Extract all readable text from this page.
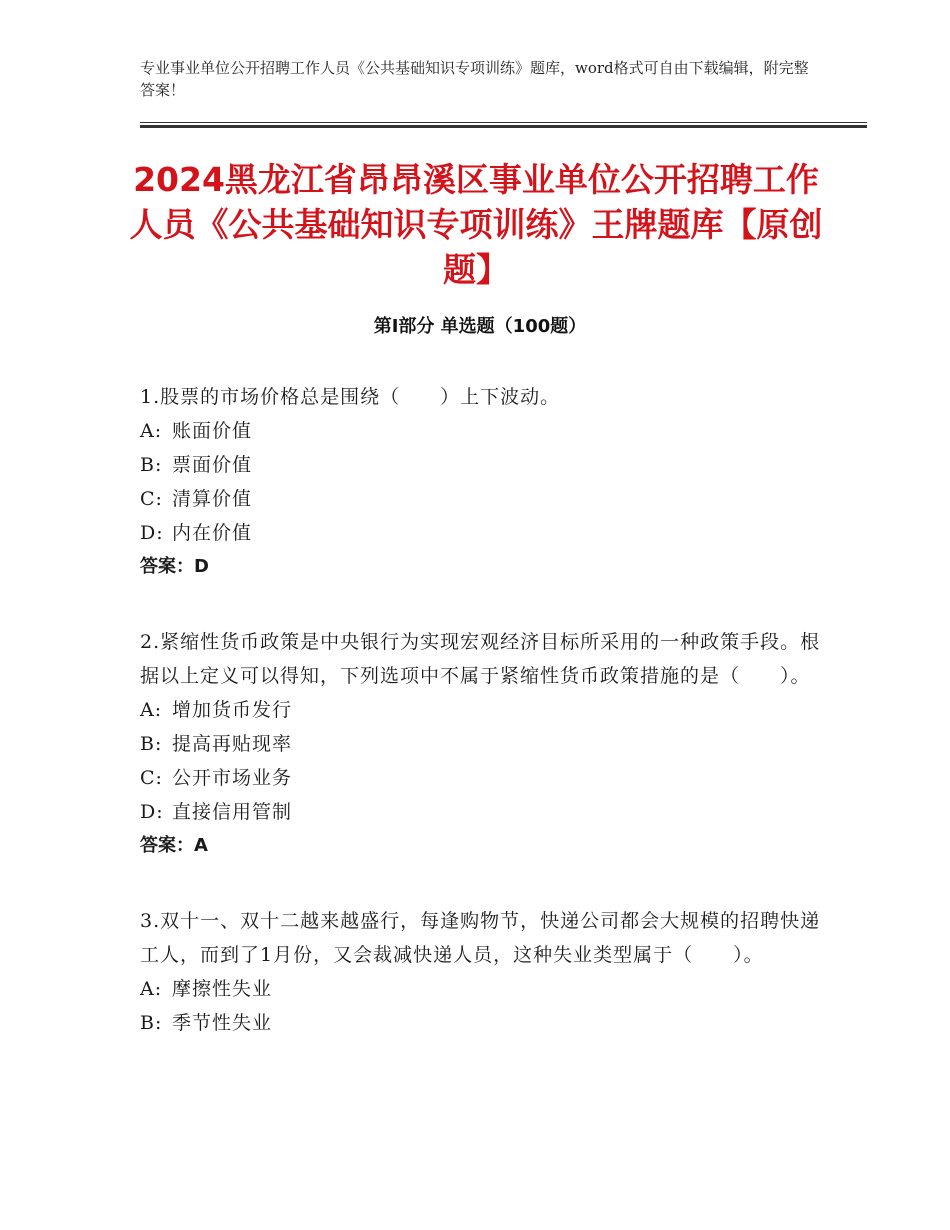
专业事业单位公开招聘工作人员《公共基础知识专项训练》题库，word格式可自由下载编辑，附完整答案！
2024黑龙江省昂昂溪区事业单位公开招聘工作人员《公共基础知识专项训练》王牌题库【原创题】
第Ⅰ部分 单选题（100题）
1.股票的市场价格总是围绕（　　）上下波动。
A: 账面价值
B: 票面价值
C: 清算价值
D: 内在价值
答案：D
2.紧缩性货币政策是中央银行为实现宏观经济目标所采用的一种政策手段。根据以上定义可以得知，下列选项中不属于紧缩性货币政策措施的是（　　）。
A: 增加货币发行
B: 提高再贴现率
C: 公开市场业务
D: 直接信用管制
答案：A
3.双十一、双十二越来越盛行，每逢购物节，快递公司都会大规模的招聘快递工人，而到了1月份，又会裁减快递人员，这种失业类型属于（　　）。
A: 摩擦性失业
B: 季节性失业
